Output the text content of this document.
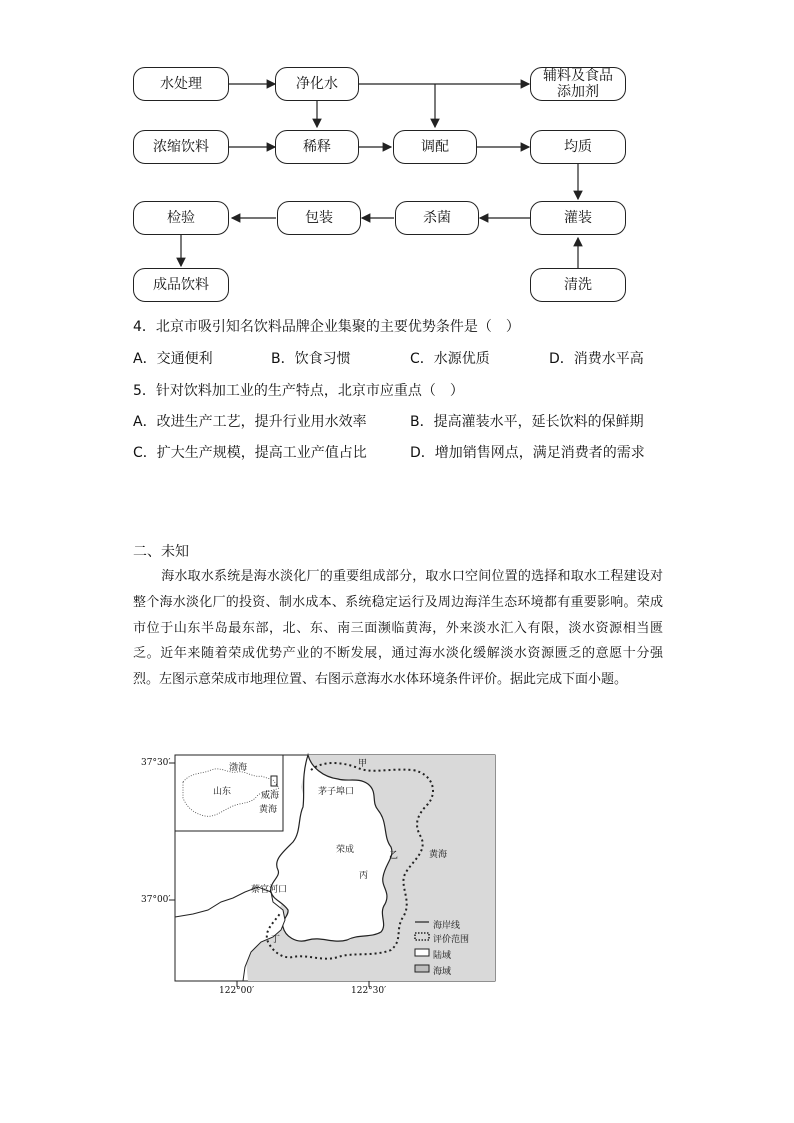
水处理	净化水	辅料及食品
添加剂
浓缩饮料	稀释	调配	均质
检验	包装	杀菌	灌装
成品饮料	清洗
4．北京市吸引知名饮料品牌企业集聚的主要优势条件是（　）
A．交通便利	B．饮食习惯	C．水源优质	D．消费水平高
5．针对饮料加工业的生产特点，北京市应重点（　）
A．改进生产工艺，提升行业用水效率	B．提高灌装水平，延长饮料的保鲜期
C．扩大生产规模，提高工业产值占比	D．增加销售网点，满足消费者的需求
二、未知
海水取水系统是海水淡化厂的重要组成部分，取水口空间位置的选择和取水工程建设对整个海水淡化厂的投资、制水成本、系统稳定运行及周边海洋生态环境都有重要影响。荣成市位于山东半岛最东部，北、东、南三面濒临黄海，外来淡水汇入有限，淡水资源相当匮乏。近年来随着荣成优势产业的不断发展，通过海水淡化缓解淡水资源匮乏的意愿十分强烈。左图示意荣成市地理位置、右图示意海水水体环境条件评价。据此完成下面小题。
37°30′
37°00′
122°00′	122°30′
渤海
山东	威海
黄海
甲
茅子埠口
荣成	黄海
乙
蔡官河口
丙
丁
海岸线
评价范围
陆域
海域
